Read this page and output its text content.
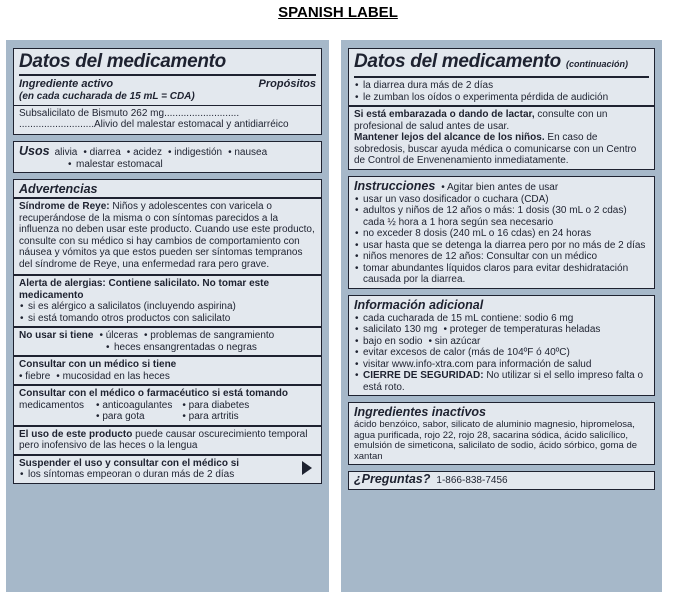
SPANISH LABEL
Datos del medicamento
Ingrediente activo
(en cada cucharada de 15 mL = CDA)
Propósitos
Subsalicilato de Bismuto 262 mg...........................
...........................Alivio del malestar estomacal y antidiarréico
Usos alivia	• diarrea	• acidez	• indigestión	• nausea
• malestar estomacal
Advertencias
Síndrome de Reye: Niños y adolescentes con varicela o recuperándose de la misma o con síntomas parecidos a la influenza no deben usar este producto. Cuando use este producto, consulte con su médico si hay cambios de comportamiento con náusea y vómitos ya que estos pueden ser síntomas tempranos del síndrome de Reye, una enfermedad rara pero grave.
Alerta de alergias: Contiene salicilato. No tomar este medicamento
• si es alérgico a salicilatos (incluyendo aspirina)
• si está tomando otros productos con salicilato
No usar si tiene	• úlceras	• problemas de sangramiento
• heces ensangrentadas o negras
Consultar con un médico si tiene
• fiebre	• mucosidad en las heces
Consultar con el médico o farmacéutico si está tomando
medicamentos	• anticoagulantes	• para diabetes
• para gota	• para artritis
El uso de este producto puede causar oscurecimiento temporal pero inofensivo de las heces o la lengua
Suspender el uso y consultar con el médico si
• los síntomas empeoran o duran más de 2 días
Datos del medicamento (continuación)
• la diarrea dura más de 2 días
• le zumban los oídos o experimenta pérdida de audición
Si está embarazada o dando de lactar, consulte con un profesional de salud antes de usar.
Mantener lejos del alcance de los niños. En caso de sobredosis, buscar ayuda médica o comunicarse con un Centro de Control de Envenenamiento inmediatamente.
Instrucciones	• Agitar bien antes de usar
• usar un vaso dosificador o cuchara (CDA)
• adultos y niños de 12 años o más: 1 dosis (30 mL o 2 cdas) cada ½ hora a 1 hora según sea necesario
• no exceder 8 dosis (240 mL o 16 cdas) en 24 horas
• usar hasta que se detenga la diarrea pero por no más de 2 días
• niños menores de 12 años: Consultar con un médico
• tomar abundantes líquidos claros para evitar deshidratación causada por la diarrea.
Información adicional
• cada cucharada de 15 mL contiene: sodio 6 mg
• salicilato 130 mg	• proteger de temperaturas heladas
• bajo en sodio	• sin azúcar
• evitar excesos de calor (más de 104ºF ó 40ºC)
• visitar www.info-xtra.com para información de salud
• CIERRE DE SEGURIDAD: No utilizar si el sello impreso falta o está roto.
Ingredientes inactivos
ácido benzóico, sabor, silicato de aluminio magnesio, hipromelosa, agua purificada, rojo 22, rojo 28, sacarina sódica, ácido salicílico, emulsión de simeticona, salicilato de sodio, ácido sórbico, goma de xantan
¿Preguntas? 1-866-838-7456
